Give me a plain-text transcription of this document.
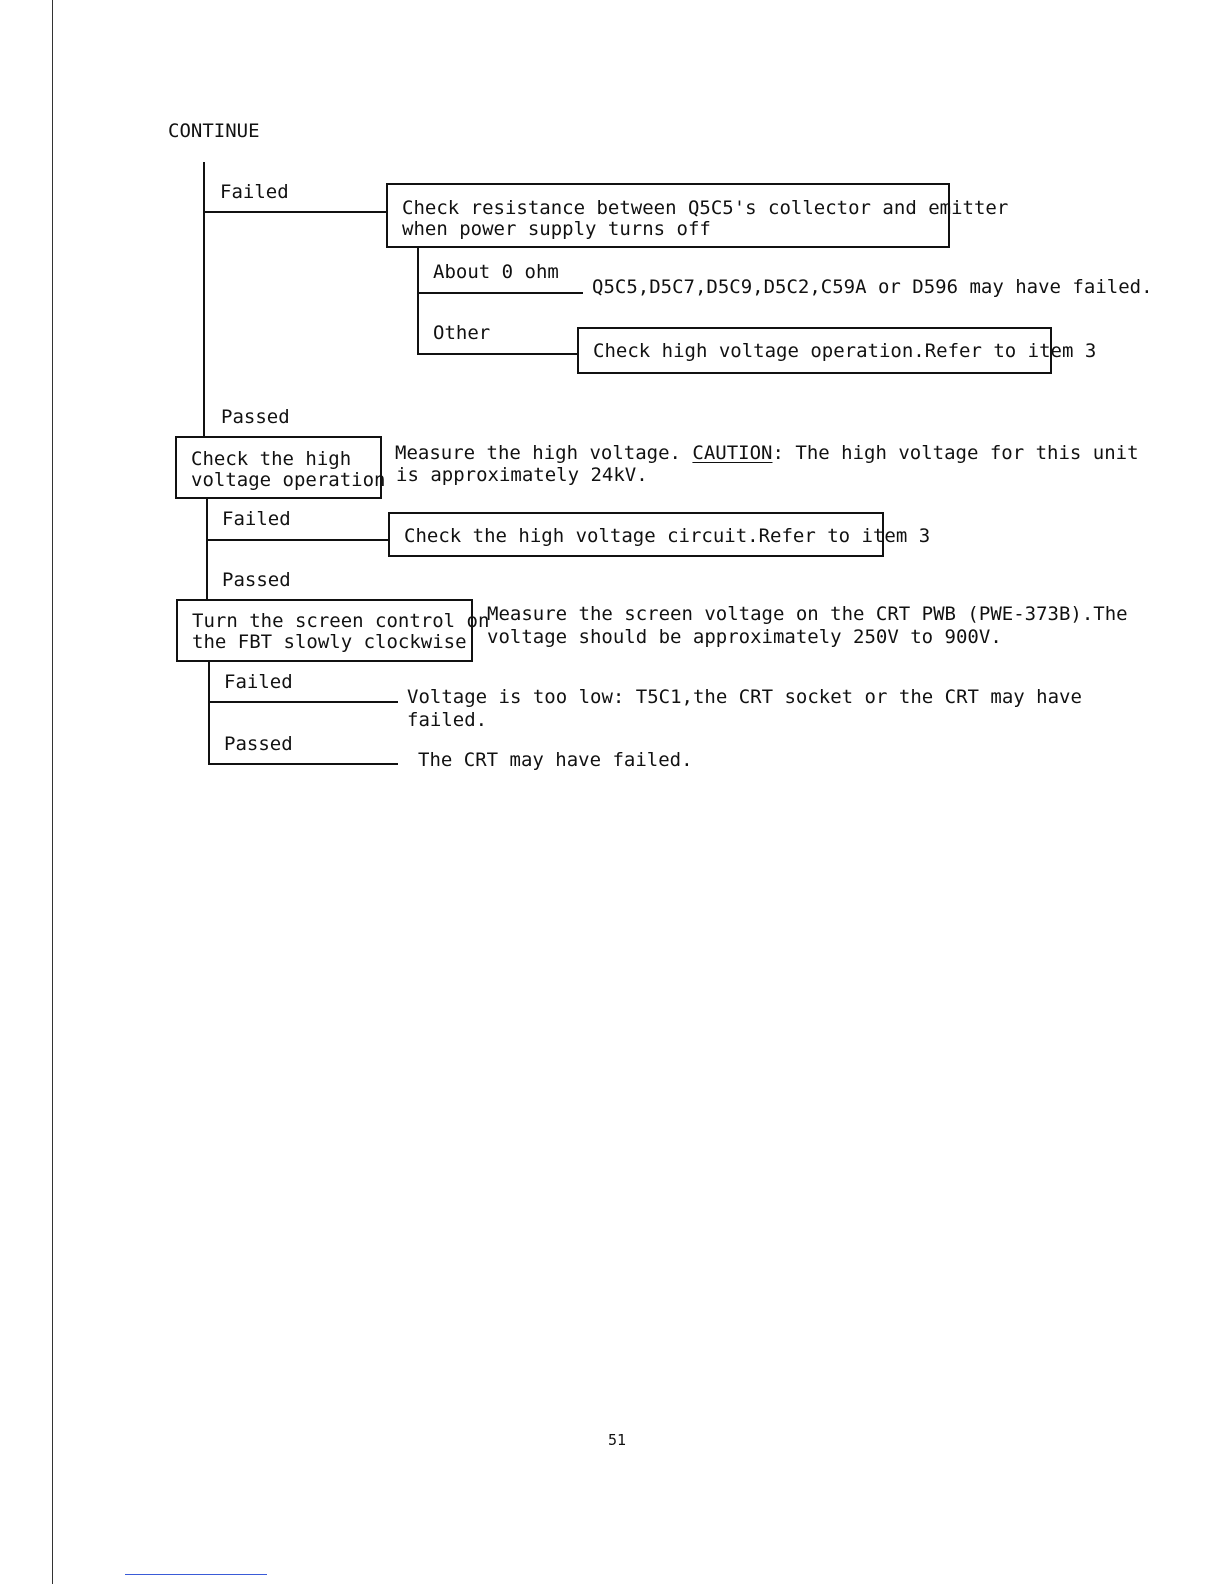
CONTINUE
Failed
Check resistance between Q5C5's collector and emitter
when power supply turns off
About 0 ohm
Q5C5,D5C7,D5C9,D5C2,C59A or D596 may have failed.
Other
Check high voltage operation.Refer to item 3
Passed
Check the high
voltage operation
Measure the high voltage. CAUTION: The high voltage for this unit
is approximately 24kV.
Failed
Check the high voltage circuit.Refer to item 3
Passed
Turn the screen control on
the FBT slowly clockwise
Measure the screen voltage on the CRT PWB (PWE-373B).The
voltage should be approximately 250V to 900V.
Failed
Voltage is too low: T5C1,the CRT socket or the CRT may have
failed.
Passed
The CRT may have failed.
51
